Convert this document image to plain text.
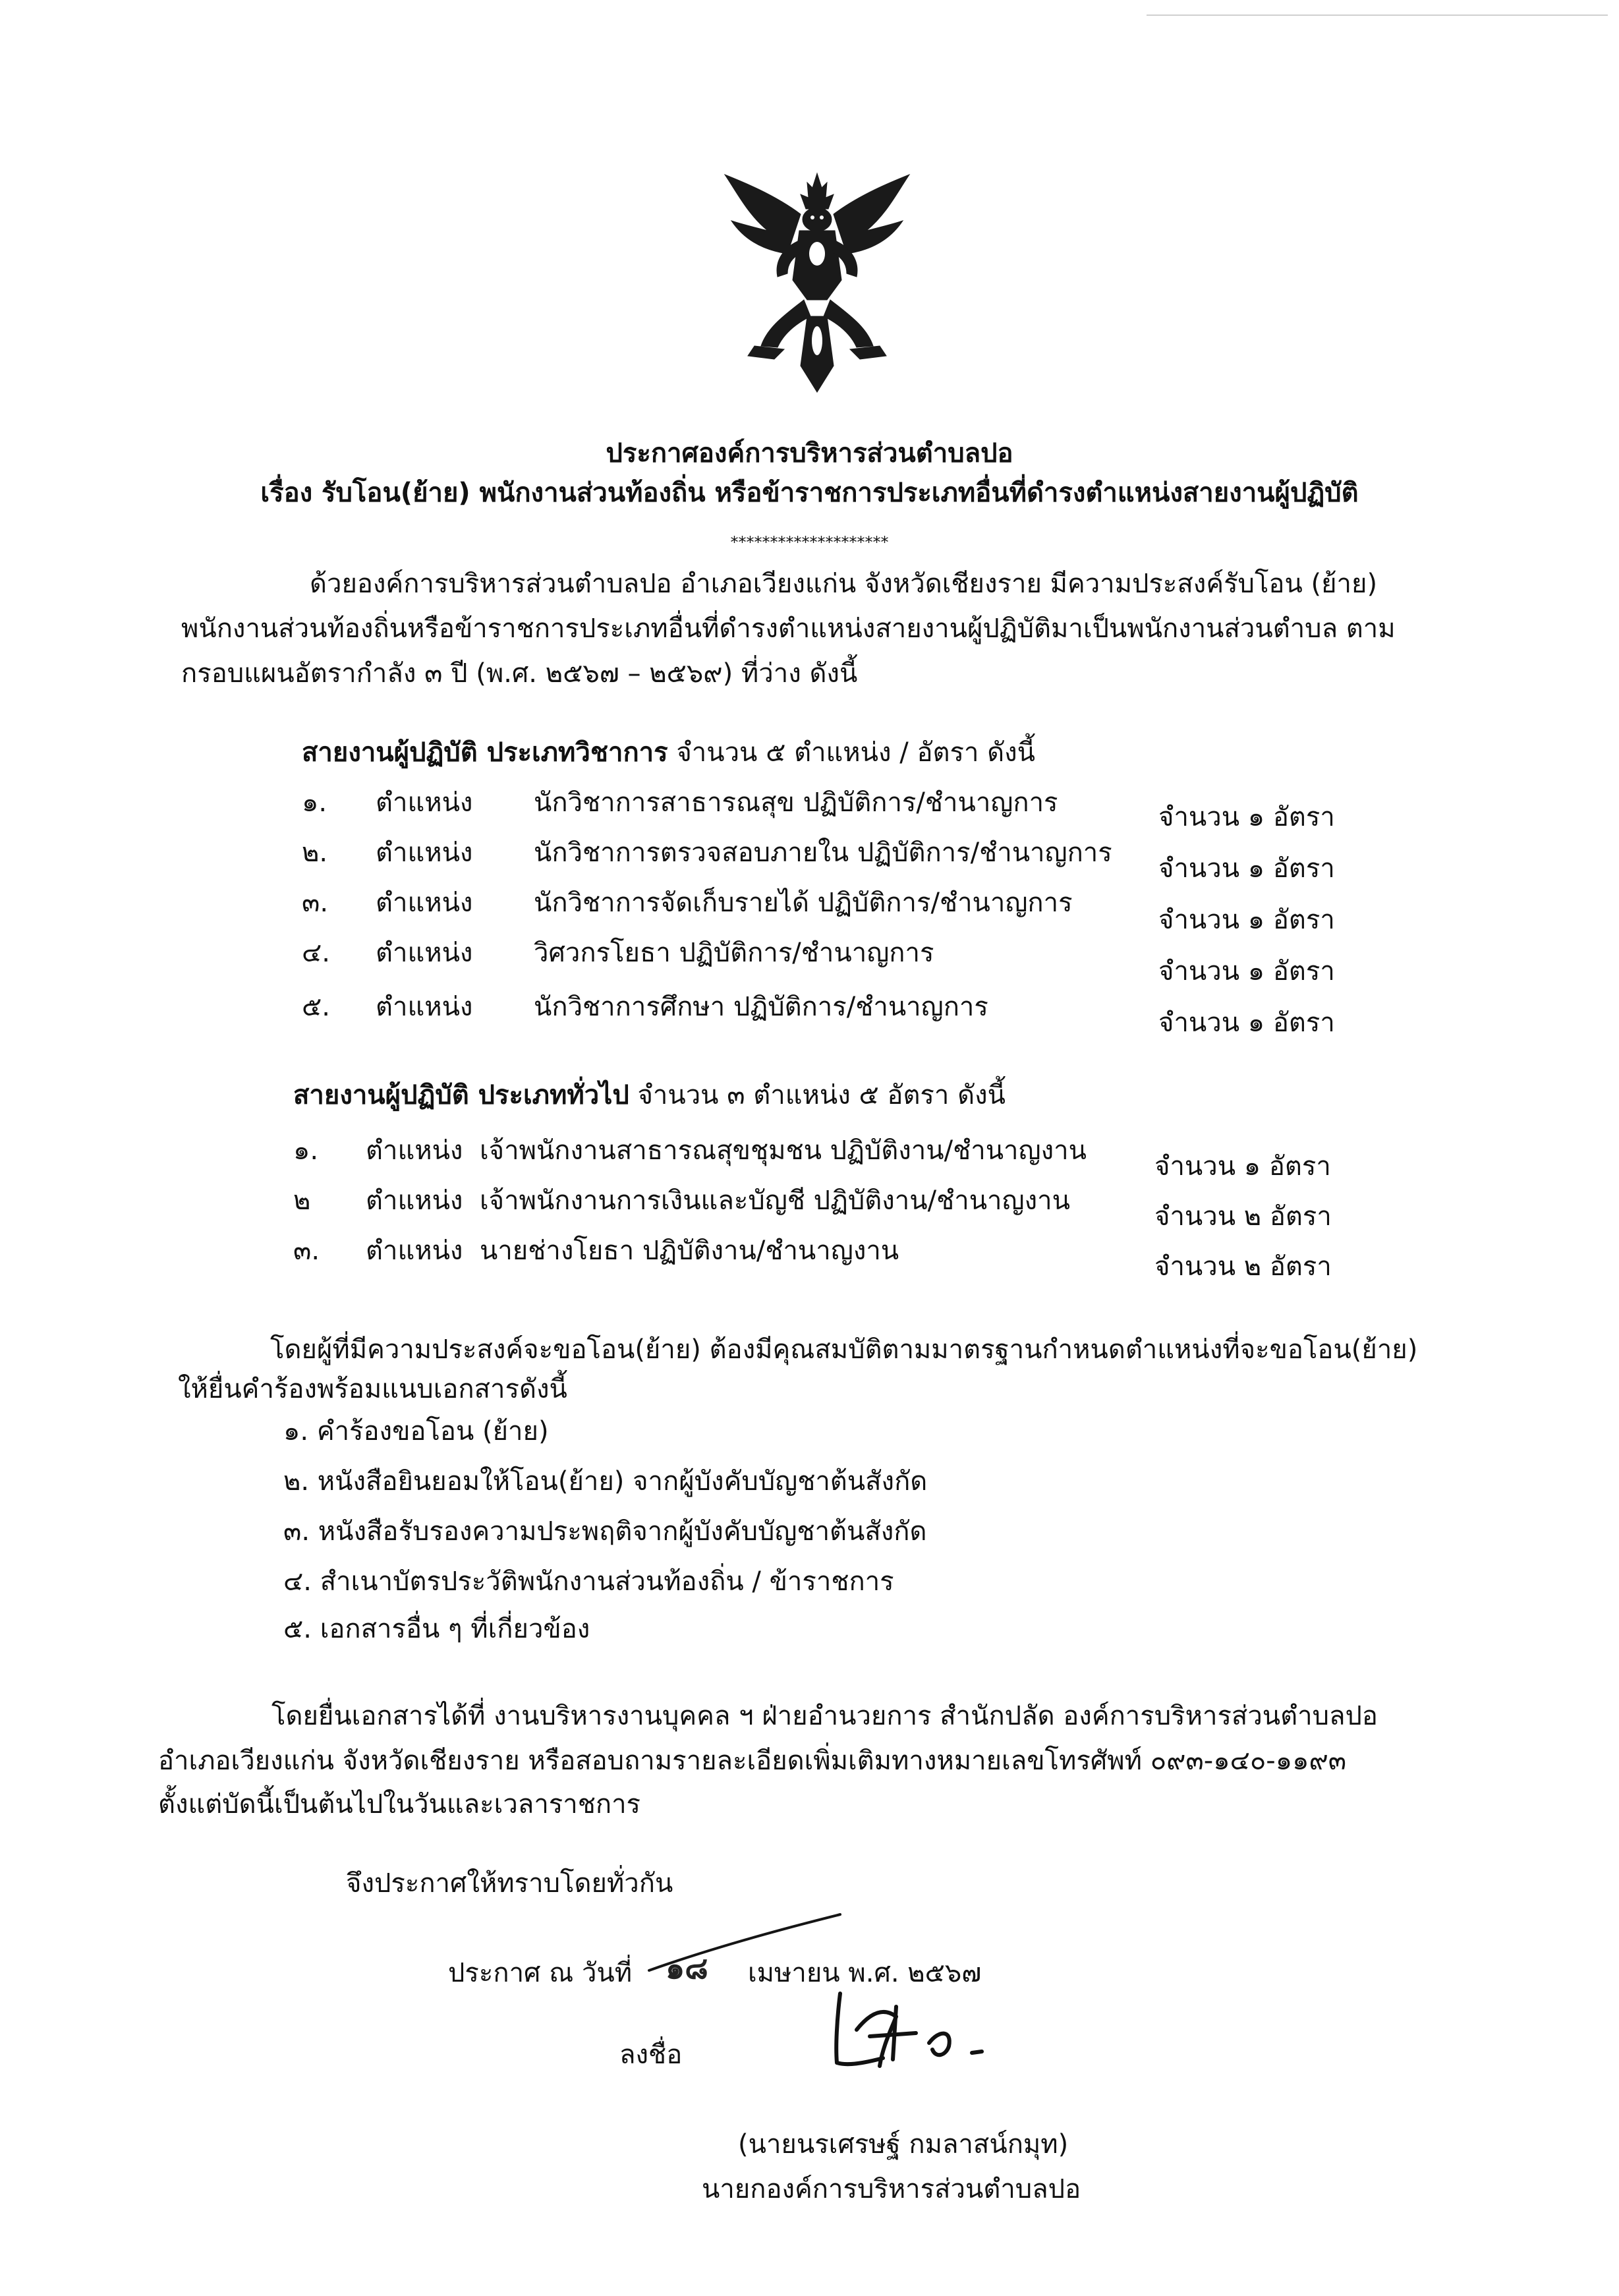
ประกาศองค์การบริหารส่วนตำบลปอ
เรื่อง รับโอน(ย้าย) พนักงานส่วนท้องถิ่น หรือข้าราชการประเภทอื่นที่ดำรงตำแหน่งสายงานผู้ปฏิบัติ
********************
ด้วยองค์การบริหารส่วนตำบลปอ อำเภอเวียงแก่น จังหวัดเชียงราย มีความประสงค์รับโอน (ย้าย)
พนักงานส่วนท้องถิ่นหรือข้าราชการประเภทอื่นที่ดำรงตำแหน่งสายงานผู้ปฏิบัติมาเป็นพนักงานส่วนตำบล ตาม
กรอบแผนอัตรากำลัง ๓ ปี (พ.ศ. ๒๕๖๗ – ๒๕๖๙) ที่ว่าง ดังนี้
สายงานผู้ปฏิบัติ ประเภทวิชาการ จำนวน ๕ ตำแหน่ง / อัตรา ดังนี้
๑. ตำแหน่ง นักวิชาการสาธารณสุข ปฏิบัติการ/ชำนาญการ	จำนวน ๑ อัตรา
๒. ตำแหน่ง นักวิชาการตรวจสอบภายใน ปฏิบัติการ/ชำนาญการ
จำนวน ๑ อัตรา
๓. ตำแหน่ง นักวิชาการจัดเก็บรายได้ ปฏิบัติการ/ชำนาญการ
จำนวน ๑ อัตรา
๔. ตำแหน่ง วิศวกรโยธา ปฏิบัติการ/ชำนาญการ
จำนวน ๑ อัตรา
๕. ตำแหน่ง นักวิชาการศึกษา ปฏิบัติการ/ชำนาญการ
จำนวน ๑ อัตรา
สายงานผู้ปฏิบัติ ประเภททั่วไป จำนวน ๓ ตำแหน่ง ๕ อัตรา ดังนี้
๑. ตำแหน่ง เจ้าพนักงานสาธารณสุขชุมชน ปฏิบัติงาน/ชำนาญงาน
จำนวน ๑ อัตรา
๒ ตำแหน่ง เจ้าพนักงานการเงินและบัญชี ปฏิบัติงาน/ชำนาญงาน
จำนวน ๒ อัตรา
๓. ตำแหน่ง นายช่างโยธา ปฏิบัติงาน/ชำนาญงาน
จำนวน ๒ อัตรา
โดยผู้ที่มีความประสงค์จะขอโอน(ย้าย) ต้องมีคุณสมบัติตามมาตรฐานกำหนดตำแหน่งที่จะขอโอน(ย้าย)
ให้ยื่นคำร้องพร้อมแนบเอกสารดังนี้
๑. คำร้องขอโอน (ย้าย)
๒. หนังสือยินยอมให้โอน(ย้าย) จากผู้บังคับบัญชาต้นสังกัด
๓. หนังสือรับรองความประพฤติจากผู้บังคับบัญชาต้นสังกัด
๔. สำเนาบัตรประวัติพนักงานส่วนท้องถิ่น / ข้าราชการ
๕. เอกสารอื่น ๆ ที่เกี่ยวข้อง
โดยยื่นเอกสารได้ที่ งานบริหารงานบุคคล ฯ ฝ่ายอำนวยการ สำนักปลัด องค์การบริหารส่วนตำบลปอ
อำเภอเวียงแก่น จังหวัดเชียงราย หรือสอบถามรายละเอียดเพิ่มเติมทางหมายเลขโทรศัพท์ ๐๙๓-๑๔๐-๑๑๙๓
ตั้งแต่บัดนี้เป็นต้นไปในวันและเวลาราชการ
จึงประกาศให้ทราบโดยทั่วกัน
ประกาศ ณ วันที่ ๑๘ เมษายน พ.ศ. ๒๕๖๗
ลงชื่อ
(นายนรเศรษฐ์ กมลาสน์กมุท)
นายกองค์การบริหารส่วนตำบลปอ
